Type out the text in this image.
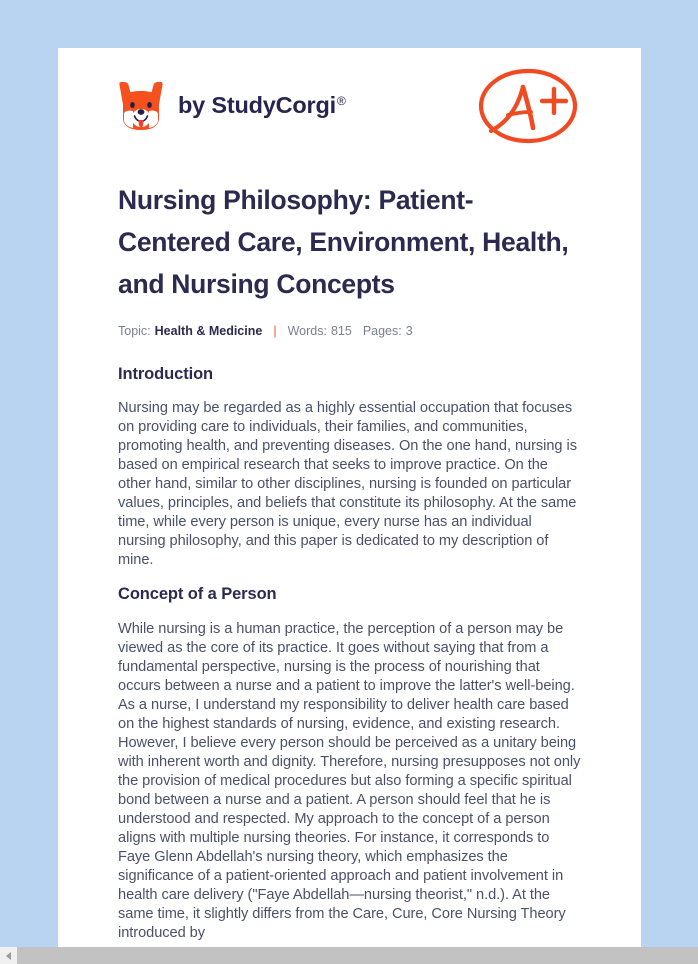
by StudyCorgi ®
Nursing Philosophy: Patient-Centered Care, Environment, Health, and Nursing Concepts
Topic: Health & Medicine | Words: 815 Pages: 3
Introduction

Nursing may be regarded as a highly essential occupation that focuses on providing care to individuals, their families, and communities, promoting health, and preventing diseases. On the one hand, nursing is based on empirical research that seeks to improve practice. On the other hand, similar to other disciplines, nursing is founded on particular values, principles, and beliefs that constitute its philosophy. At the same time, while every person is unique, every nurse has an individual nursing philosophy, and this paper is dedicated to my description of mine.

Concept of a Person

While nursing is a human practice, the perception of a person may be viewed as the core of its practice. It goes without saying that from a fundamental perspective, nursing is the process of nourishing that occurs between a nurse and a patient to improve the latter's well-being. As a nurse, I understand my responsibility to deliver health care based on the highest standards of nursing, evidence, and existing research. However, I believe every person should be perceived as a unitary being with inherent worth and dignity. Therefore, nursing presupposes not only the provision of medical procedures but also forming a specific spiritual bond between a nurse and a patient. A person should feel that he is understood and respected. My approach to the concept of a person aligns with multiple nursing theories. For instance, it corresponds to Faye Glenn Abdellah's nursing theory, which emphasizes the significance of a patient-oriented approach and patient involvement in health care delivery ("Faye Abdellah—nursing theorist," n.d.). At the same time, it slightly differs from the Care, Cure, Core Nursing Theory introduced by
